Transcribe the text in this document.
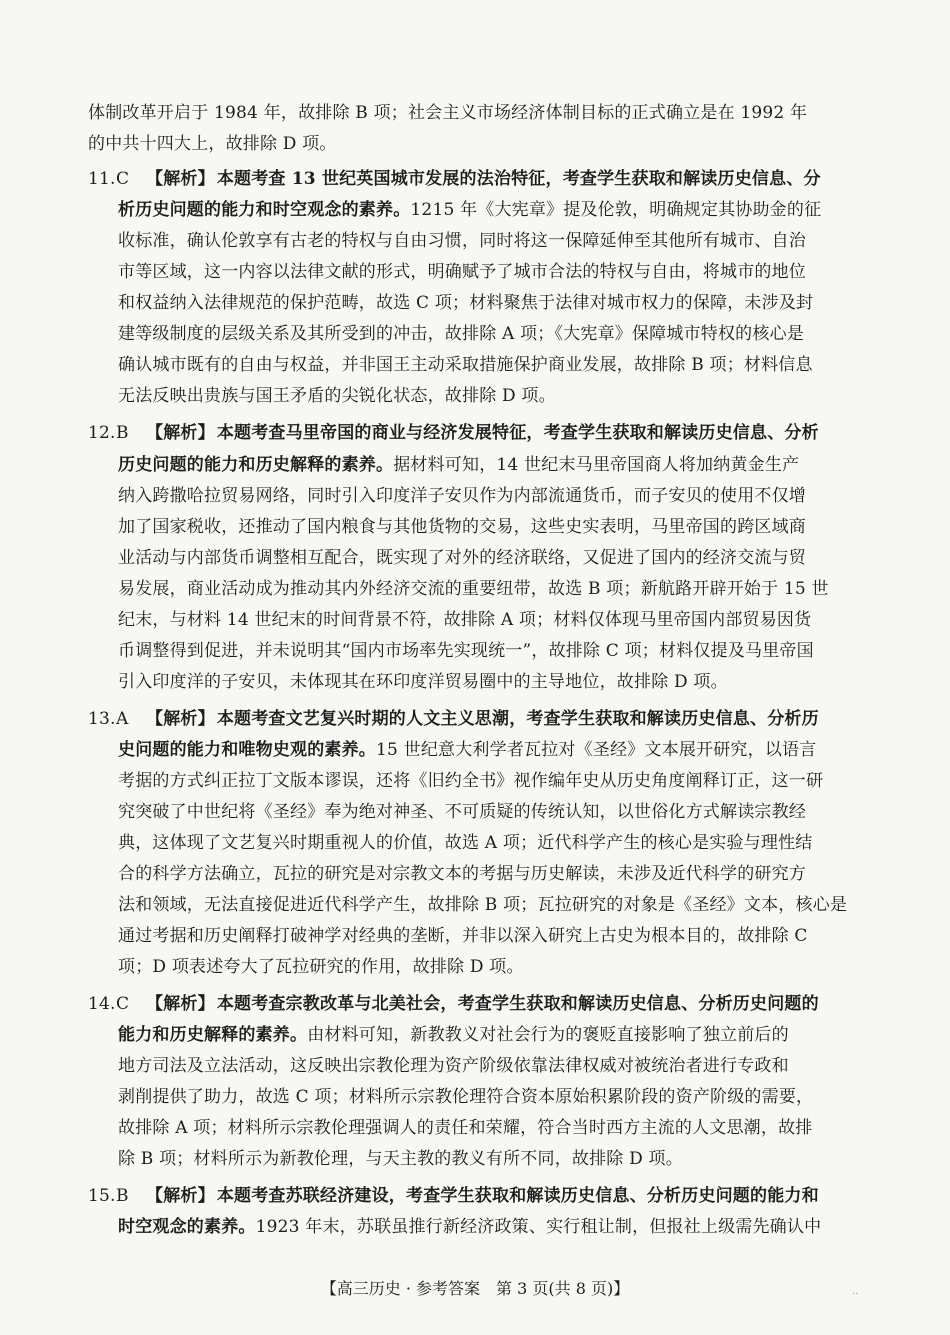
体制改革开启于 1984 年，故排除 B 项；社会主义市场经济体制目标的正式确立是在 1992 年
的中共十四大上，故排除 D 项。
11.C 【解析】 本题考查 13 世纪英国城市发展的法治特征，考查学生获取和解读历史信息、分
析历史问题的能力和时空观念的素养。1215 年《大宪章》提及伦敦，明确规定其协助金的征
收标准，确认伦敦享有古老的特权与自由习惯，同时将这一保障延伸至其他所有城市、自治
市等区域，这一内容以法律文献的形式，明确赋予了城市合法的特权与自由，将城市的地位
和权益纳入法律规范的保护范畴，故选 C 项；材料聚焦于法律对城市权力的保障，未涉及封
建等级制度的层级关系及其所受到的冲击，故排除 A 项；《大宪章》保障城市特权的核心是
确认城市既有的自由与权益，并非国王主动采取措施保护商业发展，故排除 B 项；材料信息
无法反映出贵族与国王矛盾的尖锐化状态，故排除 D 项。
12.B 【解析】 本题考查马里帝国的商业与经济发展特征，考查学生获取和解读历史信息、分析
历史问题的能力和历史解释的素养。据材料可知，14 世纪末马里帝国商人将加纳黄金生产
纳入跨撒哈拉贸易网络，同时引入印度洋子安贝作为内部流通货币，而子安贝的使用不仅增
加了国家税收，还推动了国内粮食与其他货物的交易，这些史实表明，马里帝国的跨区域商
业活动与内部货币调整相互配合，既实现了对外的经济联络，又促进了国内的经济交流与贸
易发展，商业活动成为推动其内外经济交流的重要纽带，故选 B 项；新航路开辟开始于 15 世
纪末，与材料 14 世纪末的时间背景不符，故排除 A 项；材料仅体现马里帝国内部贸易因货
币调整得到促进，并未说明其“国内市场率先实现统一”，故排除 C 项；材料仅提及马里帝国
引入印度洋的子安贝，未体现其在环印度洋贸易圈中的主导地位，故排除 D 项。
13.A 【解析】 本题考查文艺复兴时期的人文主义思潮，考查学生获取和解读历史信息、分析历
史问题的能力和唯物史观的素养。15 世纪意大利学者瓦拉对《圣经》文本展开研究，以语言
考据的方式纠正拉丁文版本谬误，还将《旧约全书》视作编年史从历史角度阐释订正，这一研
究突破了中世纪将《圣经》奉为绝对神圣、不可质疑的传统认知，以世俗化方式解读宗教经
典，这体现了文艺复兴时期重视人的价值，故选 A 项；近代科学产生的核心是实验与理性结
合的科学方法确立，瓦拉的研究是对宗教文本的考据与历史解读，未涉及近代科学的研究方
法和领域，无法直接促进近代科学产生，故排除 B 项；瓦拉研究的对象是《圣经》文本，核心是
通过考据和历史阐释打破神学对经典的垄断，并非以深入研究上古史为根本目的，故排除 C
项；D 项表述夸大了瓦拉研究的作用，故排除 D 项。
14.C 【解析】 本题考查宗教改革与北美社会，考查学生获取和解读历史信息、分析历史问题的
能力和历史解释的素养。由材料可知，新教教义对社会行为的褒贬直接影响了独立前后的
地方司法及立法活动，这反映出宗教伦理为资产阶级依靠法律权威对被统治者进行专政和
剥削提供了助力，故选 C 项；材料所示宗教伦理符合资本原始积累阶段的资产阶级的需要，
故排除 A 项；材料所示宗教伦理强调人的责任和荣耀，符合当时西方主流的人文思潮，故排
除 B 项；材料所示为新教伦理，与天主教的教义有所不同，故排除 D 项。
15.B 【解析】 本题考查苏联经济建设，考查学生获取和解读历史信息、分析历史问题的能力和
时空观念的素养。1923 年末，苏联虽推行新经济政策、实行租让制，但报社上级需先确认中
【高三历史 · 参考答案　第 3 页(共 8 页)】	..
